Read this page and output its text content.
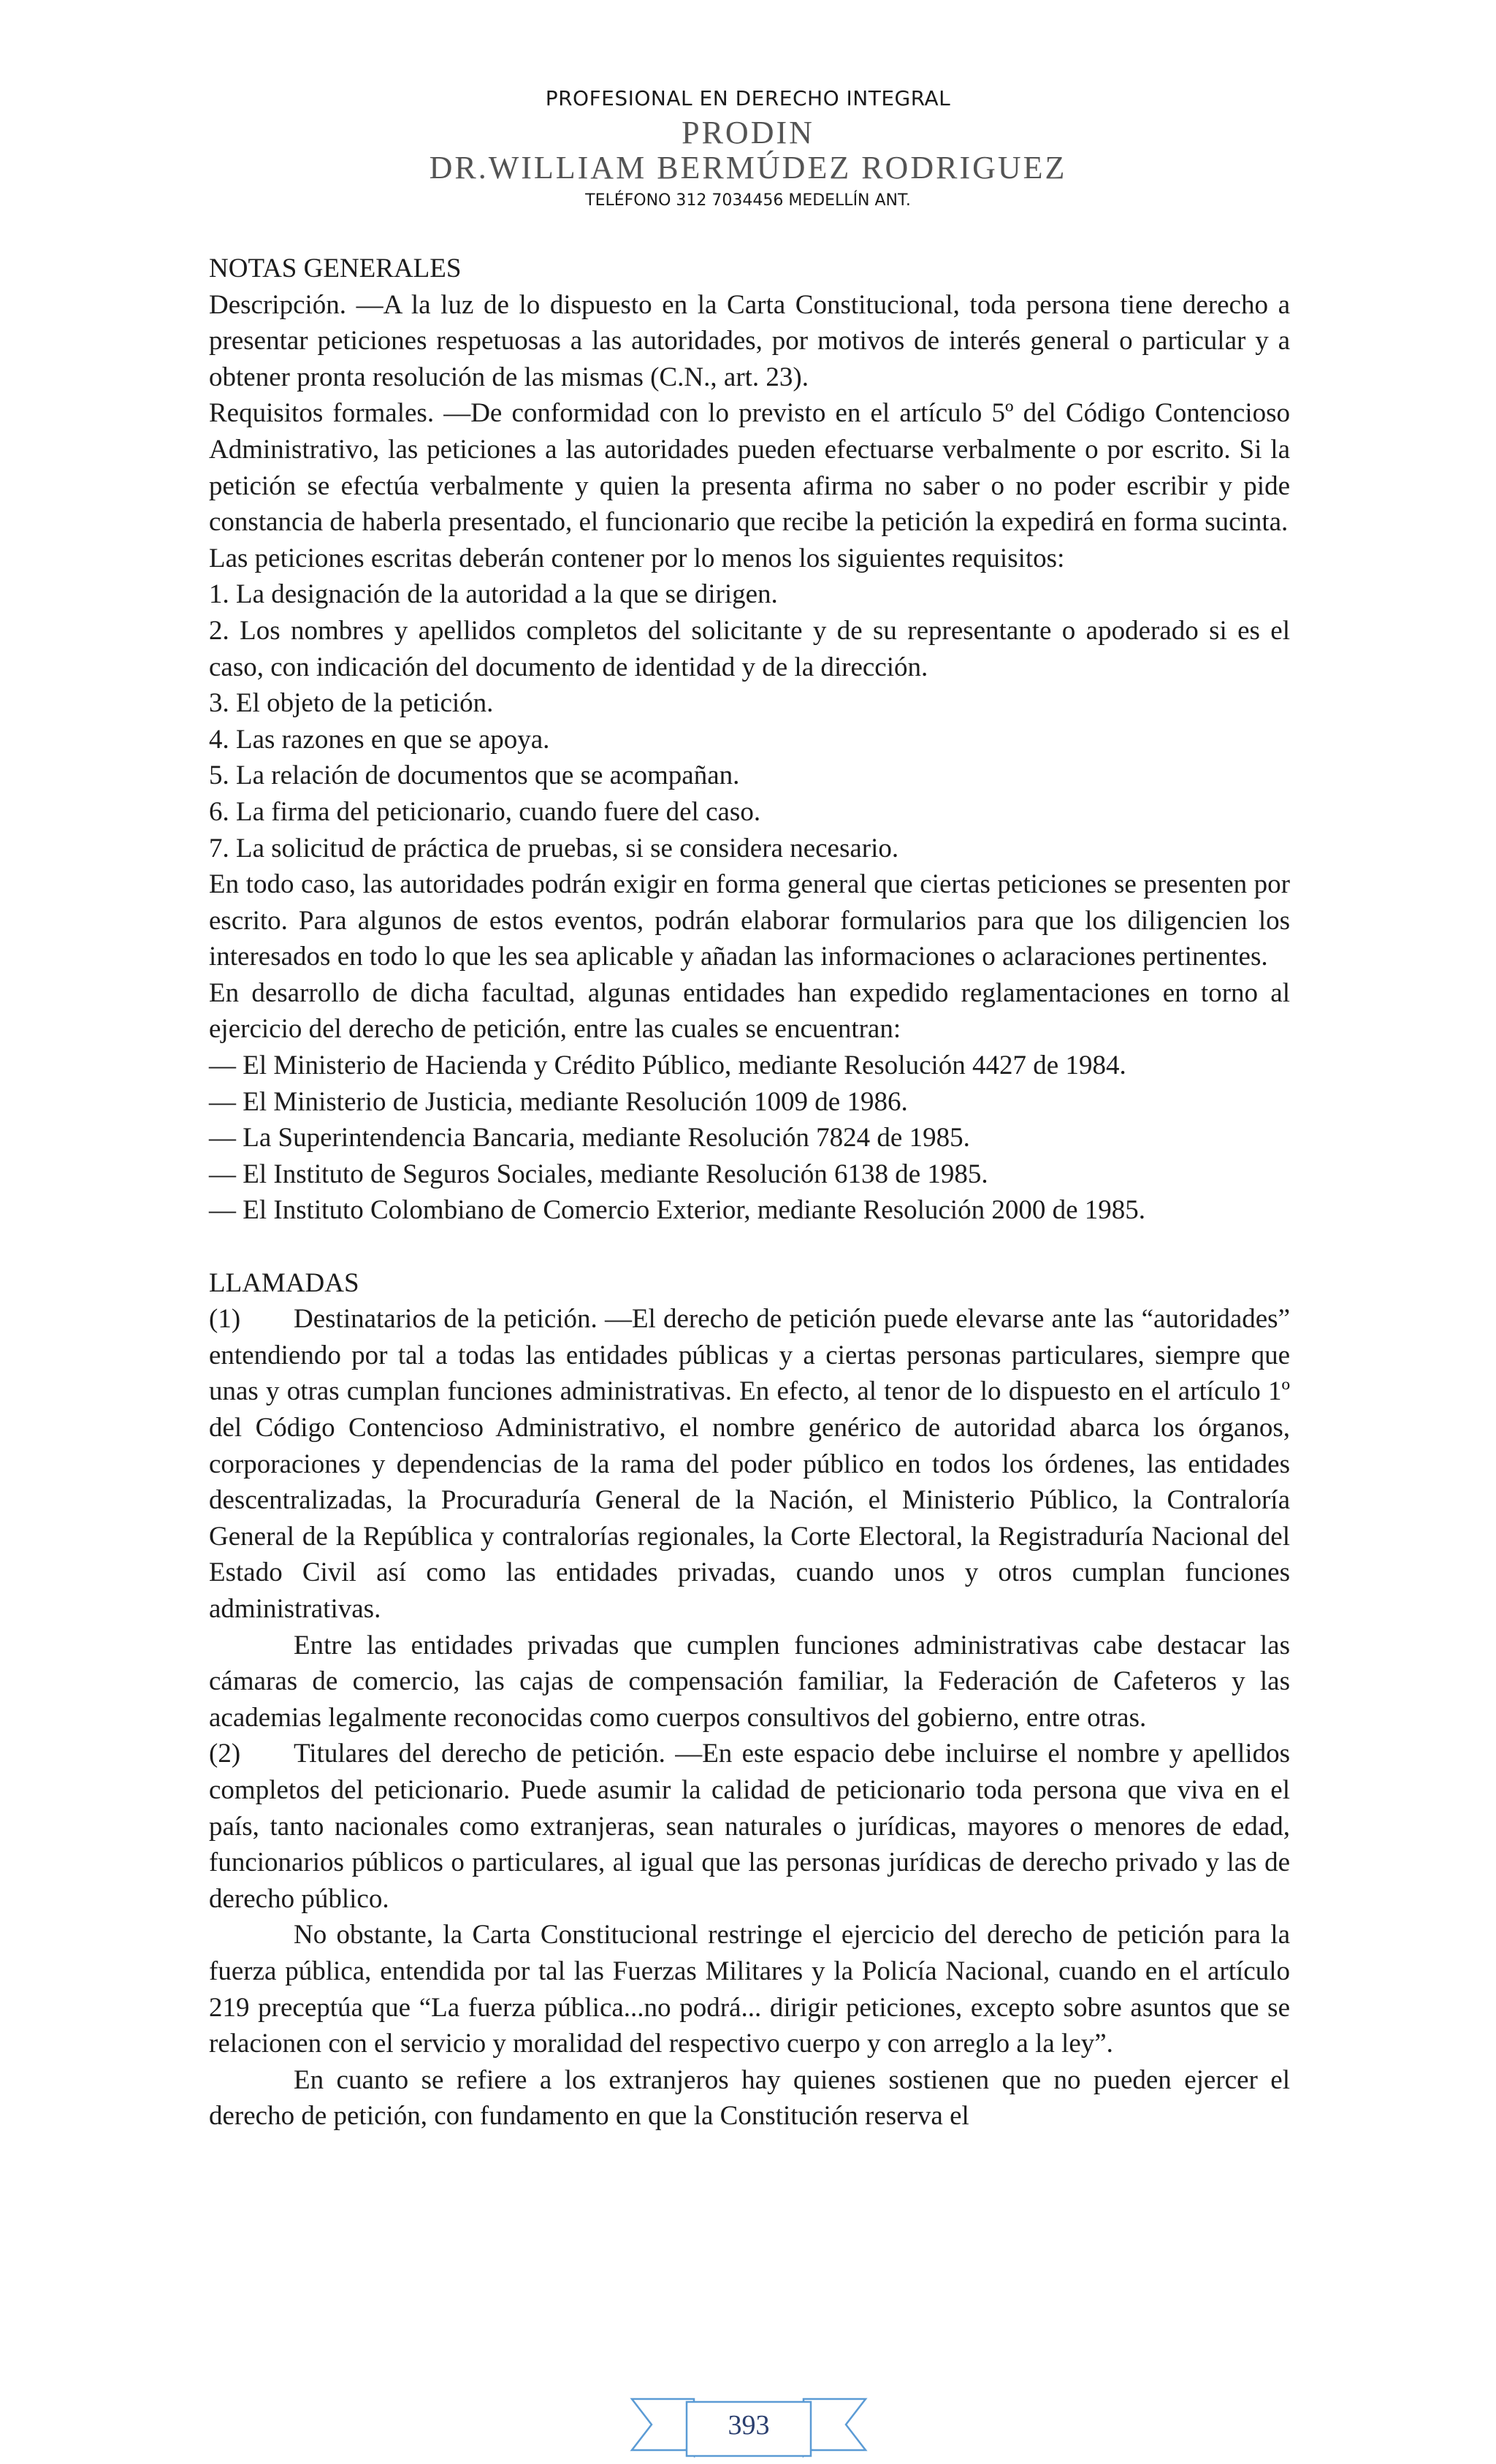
PROFESIONAL EN DERECHO INTEGRAL
PRODIN
DR.WILLIAM BERMÚDEZ RODRIGUEZ
TELÉFONO 312 7034456 MEDELLÍN ANT.

NOTAS GENERALES

Descripción. —A la luz de lo dispuesto en la Carta Constitucional, toda persona tiene derecho a presentar peticiones respetuosas a las autoridades, por motivos de interés general o particular y a obtener pronta resolución de las mismas (C.N., art. 23).

Requisitos formales. —De conformidad con lo previsto en el artículo 5º del Código Contencioso Administrativo, las peticiones a las autoridades pueden efectuarse verbalmente o por escrito. Si la petición se efectúa verbalmente y quien la presenta afirma no saber o no poder escribir y pide constancia de haberla presentado, el funcionario que recibe la petición la expedirá en forma sucinta.

Las peticiones escritas deberán contener por lo menos los siguientes requisitos:

1. La designación de la autoridad a la que se dirigen.

2. Los nombres y apellidos completos del solicitante y de su representante o apoderado si es el caso, con indicación del documento de identidad y de la dirección.

3. El objeto de la petición.

4. Las razones en que se apoya.

5. La relación de documentos que se acompañan.

6. La firma del peticionario, cuando fuere del caso.

7. La solicitud de práctica de pruebas, si se considera necesario.

En todo caso, las autoridades podrán exigir en forma general que ciertas peticiones se presenten por escrito. Para algunos de estos eventos, podrán elaborar formularios para que los diligencien los interesados en todo lo que les sea aplicable y añadan las informaciones o aclaraciones pertinentes.

En desarrollo de dicha facultad, algunas entidades han expedido reglamentaciones en torno al ejercicio del derecho de petición, entre las cuales se encuentran:

— El Ministerio de Hacienda y Crédito Público, mediante Resolución 4427 de 1984.

— El Ministerio de Justicia, mediante Resolución 1009 de 1986.

— La Superintendencia Bancaria, mediante Resolución 7824 de 1985.

— El Instituto de Seguros Sociales, mediante Resolución 6138 de 1985.

— El Instituto Colombiano de Comercio Exterior, mediante Resolución 2000 de 1985.

LLAMADAS

(1) Destinatarios de la petición. —El derecho de petición puede elevarse ante las “autoridades” entendiendo por tal a todas las entidades públicas y a ciertas personas particulares, siempre que unas y otras cumplan funciones administrativas. En efecto, al tenor de lo dispuesto en el artículo 1º del Código Contencioso Administrativo, el nombre genérico de autoridad abarca los órganos, corporaciones y dependencias de la rama del poder público en todos los órdenes, las entidades descentralizadas, la Procuraduría General de la Nación, el Ministerio Público, la Contraloría General de la República y contralorías regionales, la Corte Electoral, la Registraduría Nacional del Estado Civil así como las entidades privadas, cuando unos y otros cumplan funciones administrativas.

Entre las entidades privadas que cumplen funciones administrativas cabe destacar las cámaras de comercio, las cajas de compensación familiar, la Federación de Cafeteros y las academias legalmente reconocidas como cuerpos consultivos del gobierno, entre otras.

(2) Titulares del derecho de petición. —En este espacio debe incluirse el nombre y apellidos completos del peticionario. Puede asumir la calidad de peticionario toda persona que viva en el país, tanto nacionales como extranjeras, sean naturales o jurídicas, mayores o menores de edad, funcionarios públicos o particulares, al igual que las personas jurídicas de derecho privado y las de derecho público.

No obstante, la Carta Constitucional restringe el ejercicio del derecho de petición para la fuerza pública, entendida por tal las Fuerzas Militares y la Policía Nacional, cuando en el artículo 219 preceptúa que “La fuerza pública...no podrá... dirigir peticiones, excepto sobre asuntos que se relacionen con el servicio y moralidad del respectivo cuerpo y con arreglo a la ley”.

En cuanto se refiere a los extranjeros hay quienes sostienen que no pueden ejercer el derecho de petición, con fundamento en que la Constitución reserva el

393
